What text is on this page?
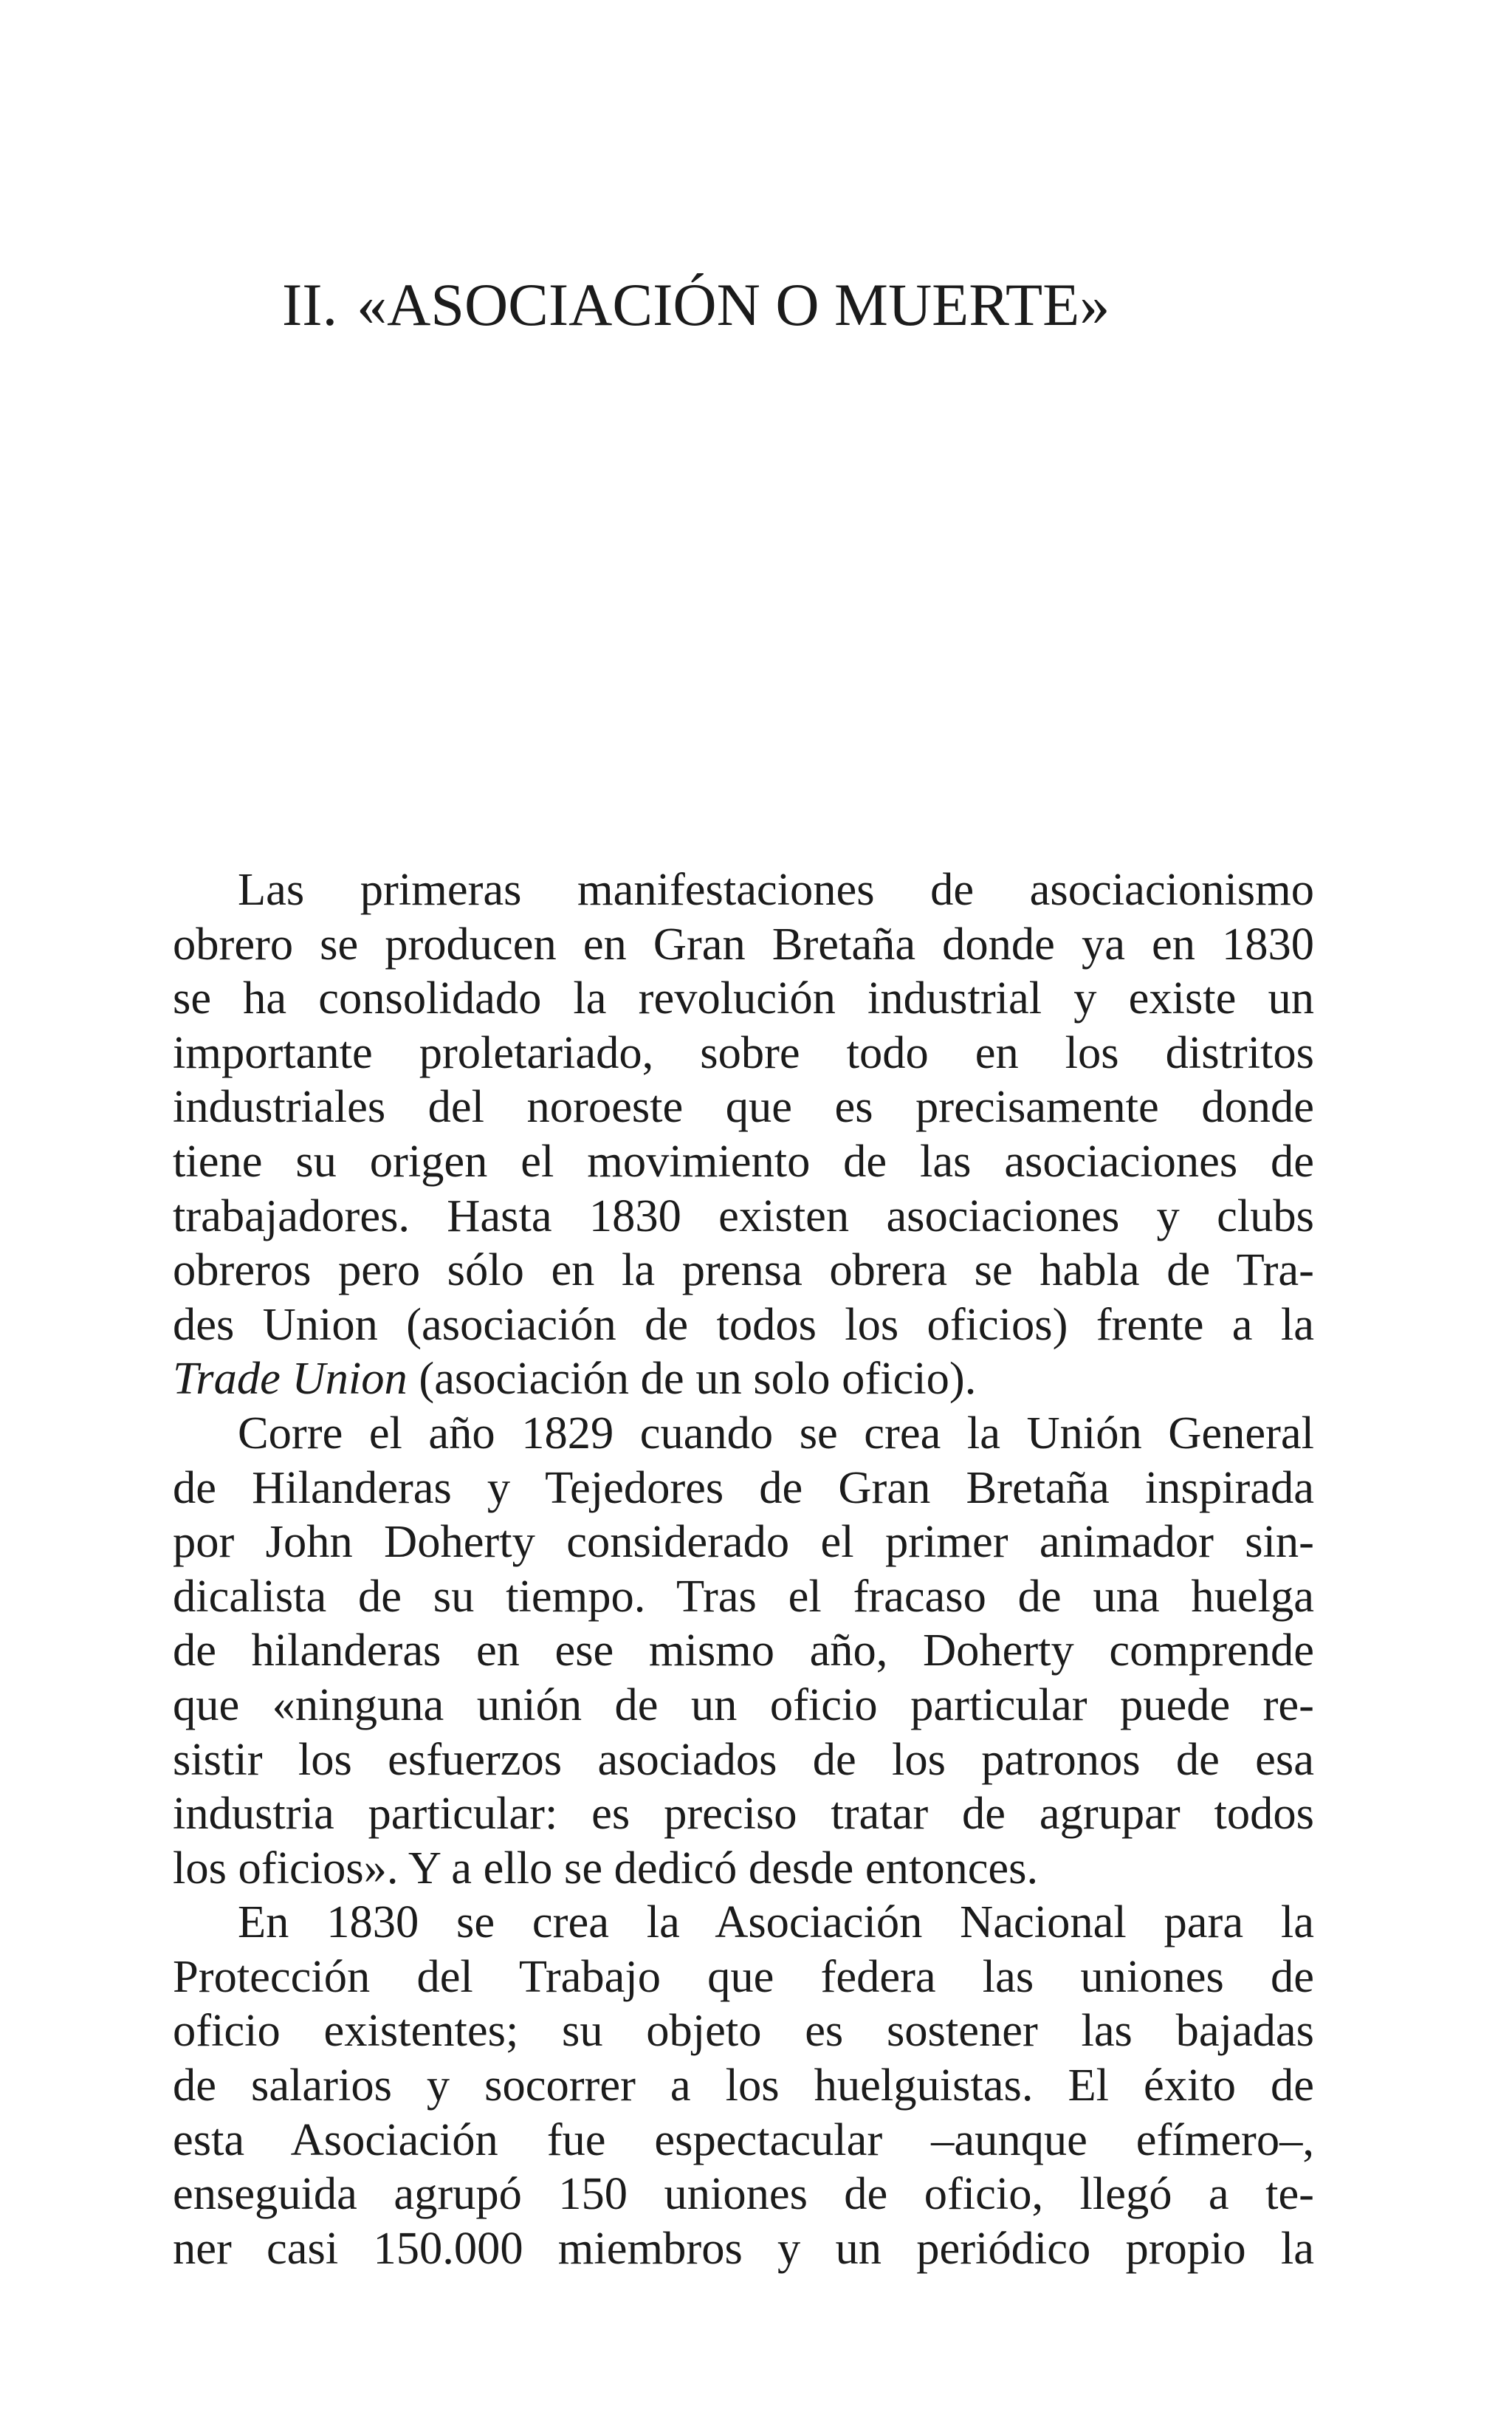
II. «ASOCIACIÓN O MUERTE»
Las primeras manifestaciones de asociacionismo
obrero se producen en Gran Bretaña donde ya en 1830
se ha consolidado la revolución industrial y existe un
importante proletariado, sobre todo en los distritos
industriales del noroeste que es precisamente donde
tiene su origen el movimiento de las asociaciones de
trabajadores. Hasta 1830 existen asociaciones y clubs
obreros pero sólo en la prensa obrera se habla de Tra-
des Union (asociación de todos los oficios) frente a la
Trade Union (asociación de un solo oficio).
Corre el año 1829 cuando se crea la Unión General
de Hilanderas y Tejedores de Gran Bretaña inspirada
por John Doherty considerado el primer animador sin-
dicalista de su tiempo. Tras el fracaso de una huelga
de hilanderas en ese mismo año, Doherty comprende
que «ninguna unión de un oficio particular puede re-
sistir los esfuerzos asociados de los patronos de esa
industria particular: es preciso tratar de agrupar todos
los oficios». Y a ello se dedicó desde entonces.
En 1830 se crea la Asociación Nacional para la
Protección del Trabajo que federa las uniones de
oficio existentes; su objeto es sostener las bajadas
de salarios y socorrer a los huelguistas. El éxito de
esta Asociación fue espectacular –aunque efímero–,
enseguida agrupó 150 uniones de oficio, llegó a te-
ner casi 150.000 miembros y un periódico propio la
